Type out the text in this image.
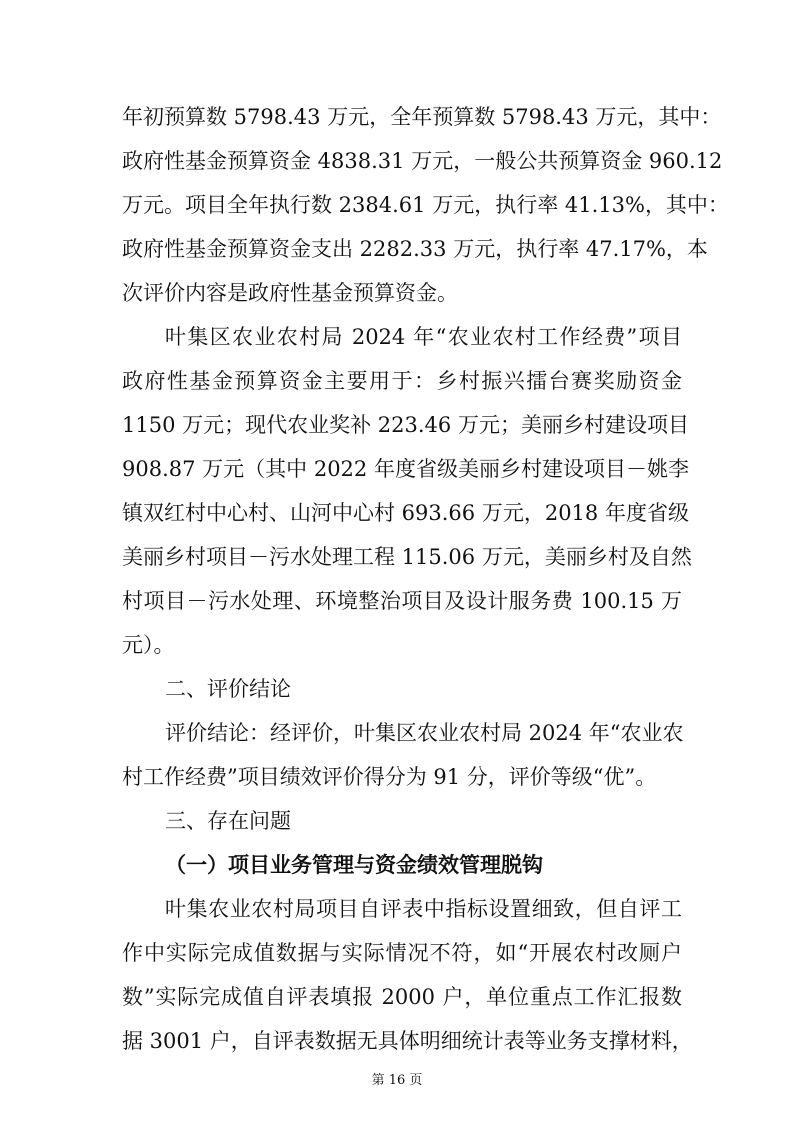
年初预算数 5798.43 万元，全年预算数 5798.43 万元，其中：
政府性基金预算资金 4838.31 万元，一般公共预算资金 960.12
万元。项目全年执行数 2384.61 万元，执行率 41.13%，其中：
政府性基金预算资金支出 2282.33 万元，执行率 47.17%，本
次评价内容是政府性基金预算资金。
叶集区农业农村局 2024 年“农业农村工作经费”项目
政府性基金预算资金主要用于：乡村振兴擂台赛奖励资金
1150 万元；现代农业奖补 223.46 万元；美丽乡村建设项目
908.87 万元（其中 2022 年度省级美丽乡村建设项目－姚李
镇双红村中心村、山河中心村 693.66 万元，2018 年度省级
美丽乡村项目－污水处理工程 115.06 万元，美丽乡村及自然
村项目－污水处理、环境整治项目及设计服务费 100.15 万
元）。
二、评价结论
评价结论：经评价，叶集区农业农村局 2024 年“农业农
村工作经费”项目绩效评价得分为 91 分，评价等级“优”。
三、存在问题
（一）项目业务管理与资金绩效管理脱钩
叶集农业农村局项目自评表中指标设置细致，但自评工
作中实际完成值数据与实际情况不符，如“开展农村改厕户
数”实际完成值自评表填报 2000 户，单位重点工作汇报数
据 3001 户，自评表数据无具体明细统计表等业务支撑材料，
第 16 页
